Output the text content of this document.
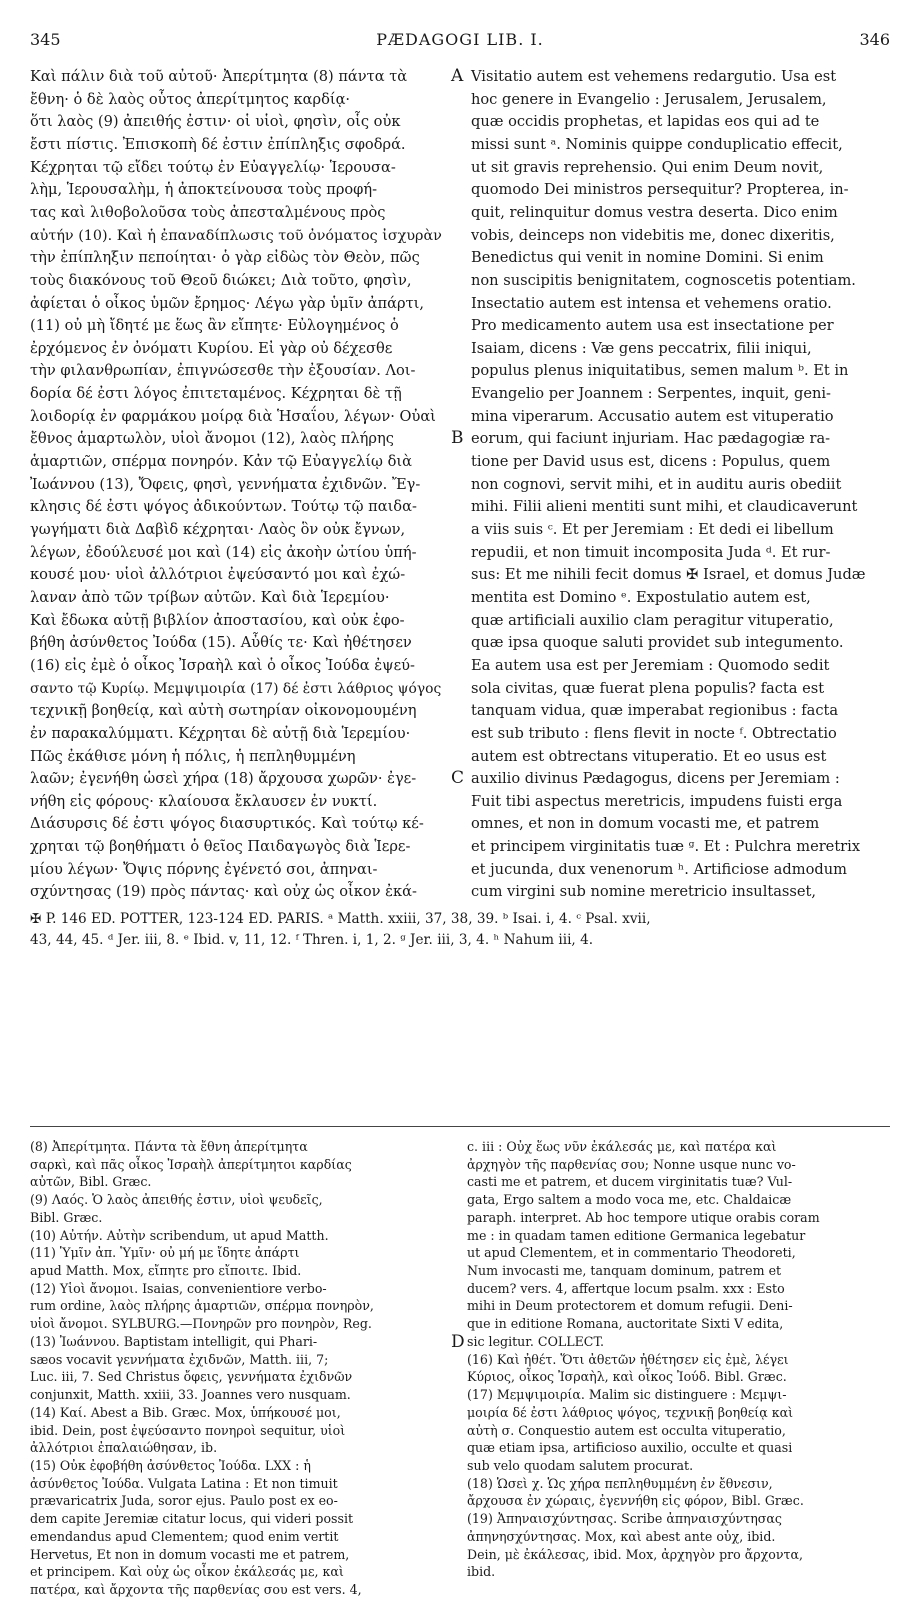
345	PÆDAGOGI LIB. I.	346
Καὶ πάλιν διὰ τοῦ αὐτοῦ· Ἀπερίτμητα (8) πάντα τὰ
ἔθνη· ὁ δὲ λαὸς οὗτος ἀπερίτμητος καρδίᾳ·
ὅτι λαὸς (9) ἀπειθής ἐστιν· οἱ υἱοὶ, φησὶν, οἷς οὐκ
ἔστι πίστις. Ἐπισκοπὴ δέ ἐστιν ἐπίπληξις σφοδρά.
Κέχρηται τῷ εἴδει τούτῳ ἐν Εὐαγγελίῳ· Ἱερουσα-
λὴμ, Ἱερουσαλὴμ, ἡ ἀποκτείνουσα τοὺς προφή-
τας καὶ λιθοβολοῦσα τοὺς ἀπεσταλμένους πρὸς
αὐτήν (10). Καὶ ἡ ἐπαναδίπλωσις τοῦ ὀνόματος ἰσχυρὰν
τὴν ἐπίπληξιν πεποίηται· ὁ γὰρ εἰδὼς τὸν Θεὸν, πῶς
τοὺς διακόνους τοῦ Θεοῦ διώκει; Διὰ τοῦτο, φησὶν,
ἀφίεται ὁ οἶκος ὑμῶν ἔρημος· Λέγω γὰρ ὑμῖν ἀπάρτι,
(11) οὐ μὴ ἴδητέ με ἕως ἂν εἴπητε· Εὐλογημένος ὁ
ἐρχόμενος ἐν ὀνόματι Κυρίου. Εἰ γὰρ οὐ δέχεσθε
τὴν φιλανθρωπίαν, ἐπιγνώσεσθε τὴν ἐξουσίαν. Λοι-
δορία δέ ἐστι λόγος ἐπιτεταμένος. Κέχρηται δὲ τῇ
λοιδορίᾳ ἐν φαρμάκου μοίρᾳ διὰ Ἡσαΐου, λέγων· Οὐαὶ
ἔθνος ἁμαρτωλὸν, υἱοὶ ἄνομοι (12), λαὸς πλήρης
ἁμαρτιῶν, σπέρμα πονηρόν. Κἀν τῷ Εὐαγγελίῳ διὰ
Ἰωάννου (13), Ὄφεις, φησὶ, γεννήματα ἐχιδνῶν. Ἔγ-
κλησις δέ ἐστι ψόγος ἀδικούντων. Τούτῳ τῷ παιδα-
γωγήματι διὰ Δαβὶδ κέχρηται· Λαὸς ὃν οὐκ ἔγνων,
λέγων, ἐδούλευσέ μοι καὶ (14) εἰς ἀκοὴν ὠτίου ὑπή-
κουσέ μου· υἱοὶ ἀλλότριοι ἐψεύσαντό μοι καὶ ἐχώ-
λαναν ἀπὸ τῶν τρίβων αὐτῶν. Καὶ διὰ Ἱερεμίου·
Καὶ ἔδωκα αὐτῇ βιβλίον ἀποστασίου, καὶ οὐκ ἐφο-
βήθη ἀσύνθετος Ἰούδα (15). Αὖθίς τε· Καὶ ἠθέτησεν
(16) εἰς ἐμὲ ὁ οἶκος Ἰσραὴλ καὶ ὁ οἶκος Ἰούδα ἐψεύ-
σαντο τῷ Κυρίῳ. Μεμψιμοιρία (17) δέ ἐστι λάθριος ψόγος
τεχνικῇ βοηθείᾳ, καὶ αὐτὴ σωτηρίαν οἰκονομουμένη
ἐν παρακαλύμματι. Κέχρηται δὲ αὐτῇ διὰ Ἱερεμίου·
Πῶς ἐκάθισε μόνη ἡ πόλις, ἡ πεπληθυμμένη
λαῶν; ἐγενήθη ὡσεὶ χήρα (18) ἄρχουσα χωρῶν· ἐγε-
νήθη εἰς φόρους· κλαίουσα ἔκλαυσεν ἐν νυκτί.
Διάσυρσις δέ ἐστι ψόγος διασυρτικός. Καὶ τούτῳ κέ-
χρηται τῷ βοηθήματι ὁ θεῖος Παιδαγωγὸς διὰ Ἱερε-
μίου λέγων· Ὄψις πόρνης ἐγένετό σοι, ἀπηναι-
σχύντησας (19) πρὸς πάντας· καὶ οὐχ ὡς οἶκον ἐκά-
Visitatio autem est vehemens redargutio. Usa est
hoc genere in Evangelio : Jerusalem, Jerusalem,
quæ occidis prophetas, et lapidas eos qui ad te
missi sunt ᵃ. Nominis quippe conduplicatio effecit,
ut sit gravis reprehensio. Qui enim Deum novit,
quomodo Dei ministros persequitur? Propterea, in-
quit, relinquitur domus vestra deserta. Dico enim
vobis, deinceps non videbitis me, donec dixeritis,
Benedictus qui venit in nomine Domini. Si enim
non suscipitis benignitatem, cognoscetis potentiam.
Insectatio autem est intensa et vehemens oratio.
Pro medicamento autem usa est insectatione per
Isaiam, dicens : Væ gens peccatrix, filii iniqui,
populus plenus iniquitatibus, semen malum ᵇ. Et in
Evangelio per Joannem : Serpentes, inquit, geni-
mina viperarum. Accusatio autem est vituperatio
eorum, qui faciunt injuriam. Hac pædagogiæ ra-
tione per David usus est, dicens : Populus, quem
non cognovi, servit mihi, et in auditu auris obediit
mihi. Filii alieni mentiti sunt mihi, et claudicaverunt
a viis suis ᶜ. Et per Jeremiam : Et dedi ei libellum
repudii, et non timuit incomposita Juda ᵈ. Et rur-
sus: Et me nihili fecit domus ✠ Israel, et domus Judæ
mentita est Domino ᵉ. Expostulatio autem est,
quæ artificiali auxilio clam peragitur vituperatio,
quæ ipsa quoque saluti providet sub integumento.
Ea autem usa est per Jeremiam : Quomodo sedit
sola civitas, quæ fuerat plena populis? facta est
tanquam vidua, quæ imperabat regionibus : facta
est sub tributo : flens flevit in nocte ᶠ. Obtrectatio
autem est obtrectans vituperatio. Et eo usus est
auxilio divinus Pædagogus, dicens per Jeremiam :
Fuit tibi aspectus meretricis, impudens fuisti erga
omnes, et non in domum vocasti me, et patrem
et principem virginitatis tuæ ᵍ. Et : Pulchra meretrix
et jucunda, dux venenorum ʰ. Artificiose admodum
cum virgini sub nomine meretricio insultasset,
A
B
C
D
✠ P. 146 ED. POTTER, 123-124 ED. PARIS. ᵃ Matth. xxiii, 37, 38, 39. ᵇ Isai. i, 4. ᶜ Psal. xvii,
43, 44, 45. ᵈ Jer. iii, 8. ᵉ Ibid. v, 11, 12. ᶠ Thren. i, 1, 2. ᵍ Jer. iii, 3, 4. ʰ Nahum iii, 4.
(8) Ἀπερίτμητα. Πάντα τὰ ἔθνη ἀπερίτμητα
σαρκὶ, καὶ πᾶς οἶκος Ἰσραὴλ ἀπερίτμητοι καρδίας
αὐτῶν, Bibl. Græc.
(9) Λαός. Ὁ λαὸς ἀπειθής ἐστιν, υἱοὶ ψευδεῖς,
Bibl. Græc.
(10) Αὐτήν. Αὐτὴν scribendum, ut apud Matth.
(11) Ὑμῖν ἀπ. Ὑμῖν· οὐ μή με ἴδητε ἀπάρτι
apud Matth. Mox, εἴπητε pro εἴποιτε. Ibid.
(12) Υἱοὶ ἄνομοι. Isaias, convenientiore verbo-
rum ordine, λαὸς πλήρης ἁμαρτιῶν, σπέρμα πονηρὸν,
υἱοὶ ἄνομοι. SYLBURG.—Πονηρῶν pro πονηρὸν, Reg.
(13) Ἰωάννου. Baptistam intelligit, qui Phari-
sæos vocavit γεννήματα ἐχιδνῶν, Matth. iii, 7;
Luc. iii, 7. Sed Christus ὄφεις, γεννήματα ἐχιδνῶν
conjunxit, Matth. xxiii, 33. Joannes vero nusquam.
(14) Καί. Abest a Bib. Græc. Mox, ὑπήκουσέ μοι,
ibid. Dein, post ἐψεύσαντο πονηροὶ sequitur, υἱοὶ
ἀλλότριοι ἐπαλαιώθησαν, ib.
(15) Οὐκ ἐφοβήθη ἀσύνθετος Ἰούδα. LXX : ἡ
ἀσύνθετος Ἰούδα. Vulgata Latina : Et non timuit
prævaricatrix Juda, soror ejus. Paulo post ex eo-
dem capite Jeremiæ citatur locus, qui videri possit
emendandus apud Clementem; quod enim vertit
Hervetus, Et non in domum vocasti me et patrem,
et principem. Καὶ οὐχ ὡς οἶκον ἐκάλεσάς με, καὶ
πατέρα, καὶ ἄρχοντα τῆς παρθενίας σου est vers. 4,
c. iii : Οὐχ ἕως νῦν ἐκάλεσάς με, καὶ πατέρα καὶ
ἀρχηγὸν τῆς παρθενίας σου; Nonne usque nunc vo-
casti me et patrem, et ducem virginitatis tuæ? Vul-
gata, Ergo saltem a modo voca me, etc. Chaldaicæ
paraph. interpret. Ab hoc tempore utique orabis coram
me : in quadam tamen editione Germanica legebatur
ut apud Clementem, et in commentario Theodoreti,
Num invocasti me, tanquam dominum, patrem et
ducem? vers. 4, affertque locum psalm. xxx : Esto
mihi in Deum protectorem et domum refugii. Deni-
que in editione Romana, auctoritate Sixti V edita,
sic legitur. COLLECT.
(16) Καὶ ἠθέτ. Ὅτι ἀθετῶν ἠθέτησεν εἰς ἐμὲ, λέγει
Κύριος, οἶκος Ἰσραὴλ, καὶ οἶκος Ἰούδ. Bibl. Græc.
(17) Μεμψιμοιρία. Malim sic distinguere : Μεμψι-
μοιρία δέ ἐστι λάθριος ψόγος, τεχνικῇ βοηθείᾳ καὶ
αὐτὴ σ. Conquestio autem est occulta vituperatio,
quæ etiam ipsa, artificioso auxilio, occulte et quasi
sub velo quodam salutem procurat.
(18) Ὡσεὶ χ. Ὡς χήρα πεπληθυμμένη ἐν ἔθνεσιν,
ἄρχουσα ἐν χώραις, ἐγεννήθη εἰς φόρον, Bibl. Græc.
(19) Ἀπηναισχύντησας. Scribe ἀπηναισχύντησας
ἀπηνησχύντησας. Mox, καὶ abest ante οὐχ, ibid.
Dein, μὲ ἐκάλεσας, ibid. Mox, ἀρχηγὸν pro ἄρχοντα,
ibid.
